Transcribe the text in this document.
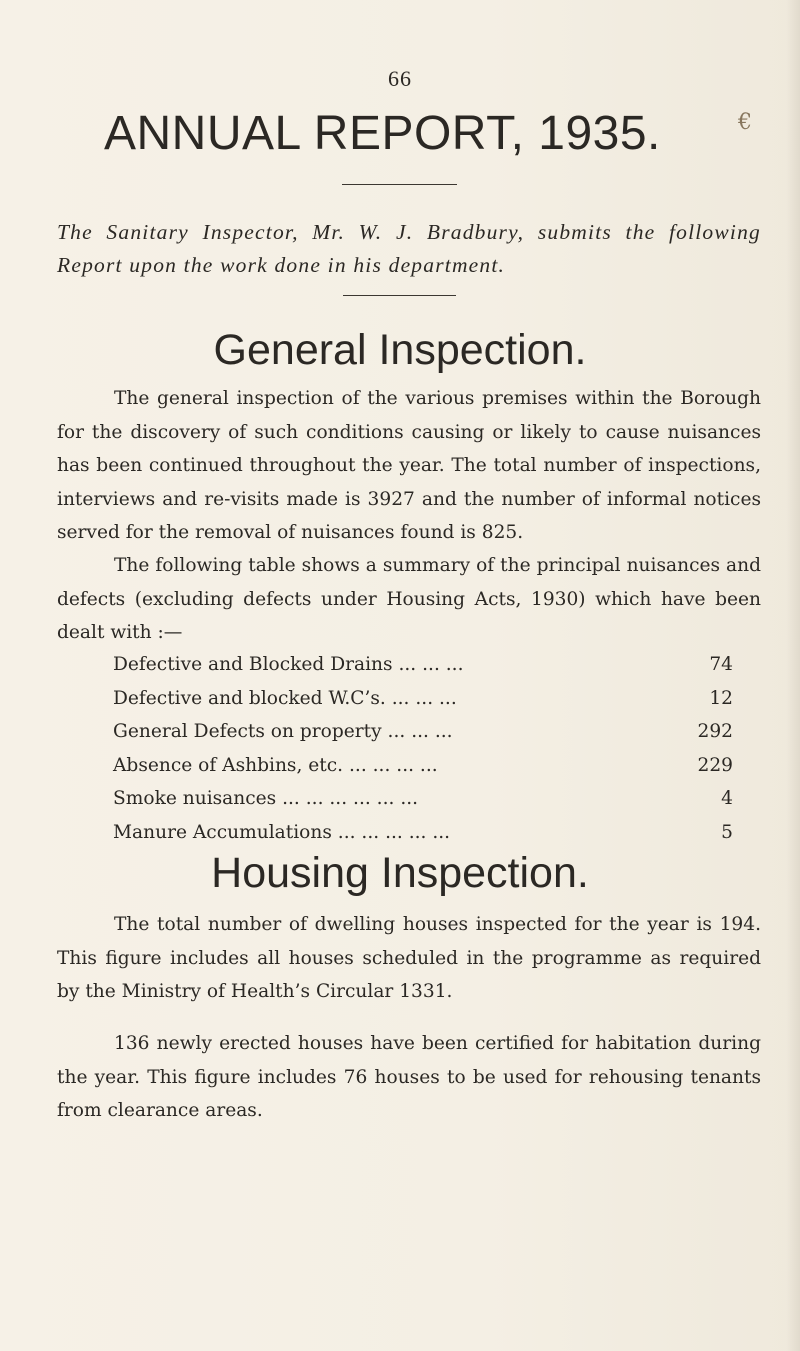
66
ANNUAL REPORT, 1935.	€
The Sanitary Inspector, Mr. W. J. Bradbury, submits the following Report upon the work done in his department.
General Inspection.
The general inspection of the various premises within the Borough for the discovery of such conditions causing or likely to cause nuisances has been continued throughout the year. The total number of inspections, interviews and re-visits made is 3927 and the number of informal notices served for the removal of nuisances found is 825.
The following table shows a summary of the principal nuisances and defects (excluding defects under Housing Acts, 1930) which have been dealt with :—
Defective and Blocked Drains ... ... ...	74
Defective and blocked W.C’s. ... ... ...	12
General Defects on property ... ... ...	292
Absence of Ashbins, etc. ... ... ... ...	229
Smoke nuisances ... ... ... ... ... ...	4
Manure Accumulations ... ... ... ... ...	5
Housing Inspection.
The total number of dwelling houses inspected for the year is 194. This figure includes all houses scheduled in the programme as required by the Ministry of Health’s Circular 1331.
136 newly erected houses have been certified for habitation during the year. This figure includes 76 houses to be used for rehousing tenants from clearance areas.
